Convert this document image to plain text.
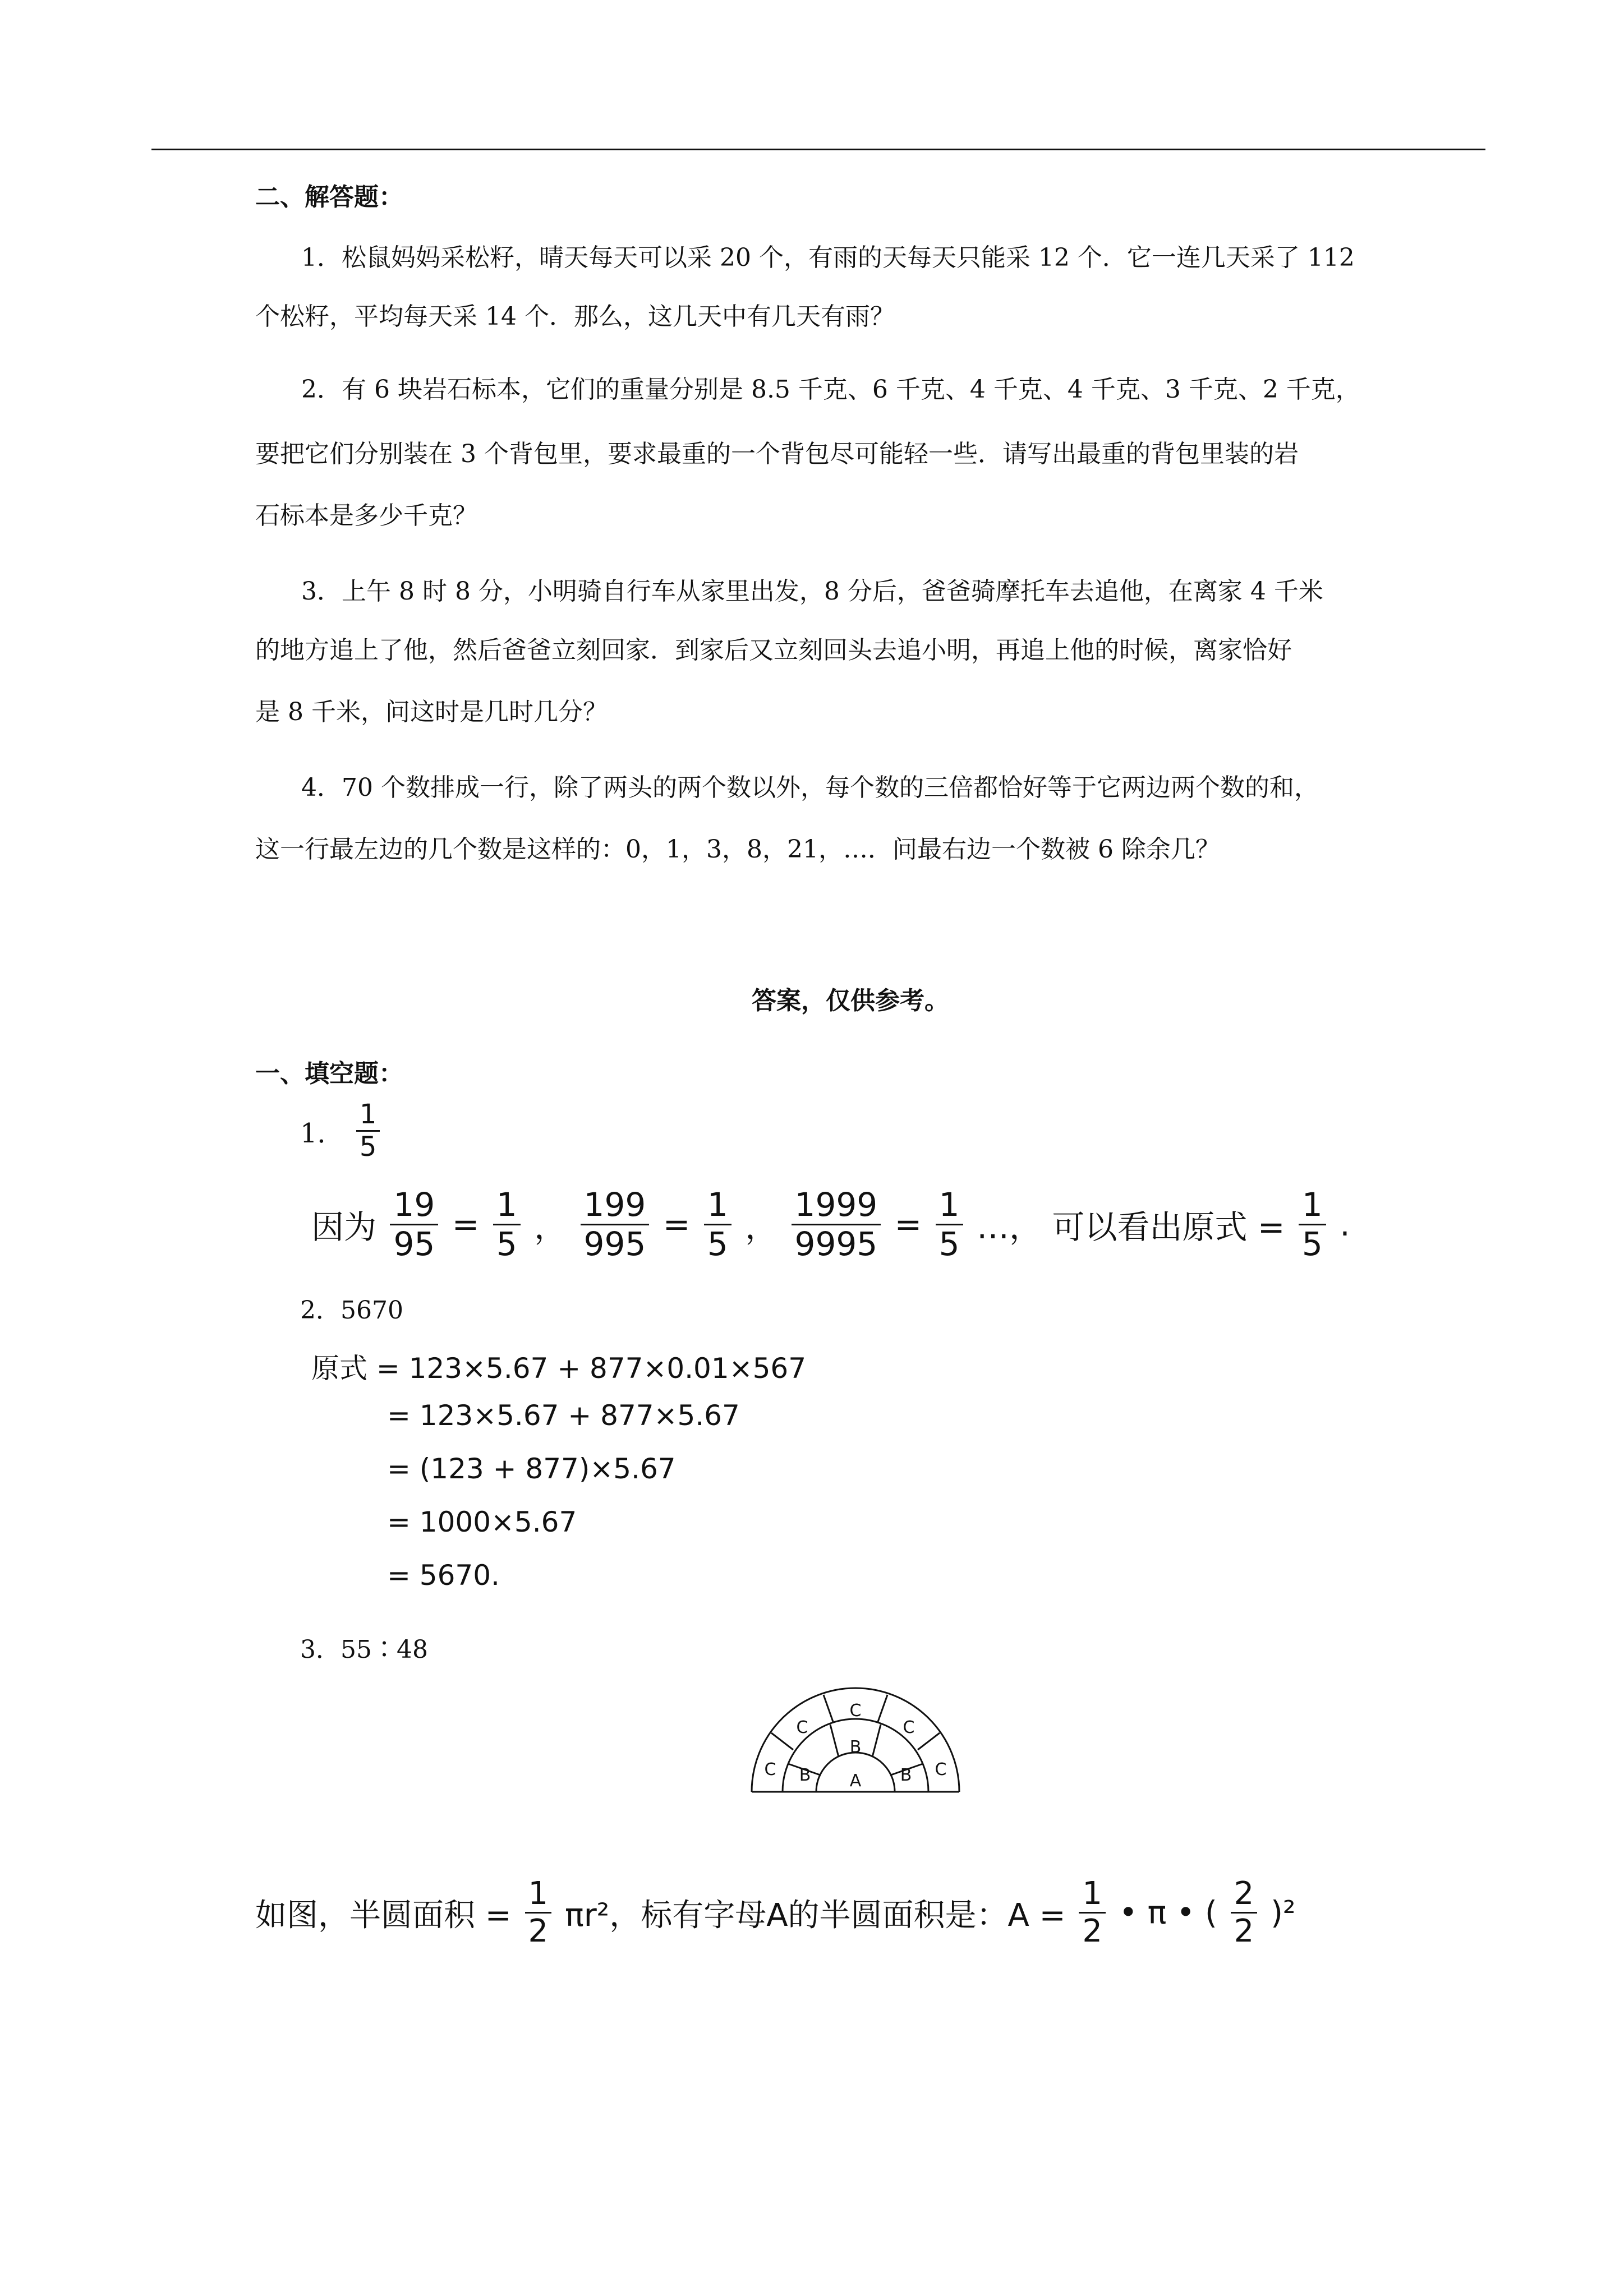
二、解答题：
1．松鼠妈妈采松籽，晴天每天可以采 20 个，有雨的天每天只能采 12 个．它一连几天采了 112
个松籽，平均每天采 14 个．那么，这几天中有几天有雨？
2．有 6 块岩石标本，它们的重量分别是 8.5 千克、6 千克、4 千克、4 千克、3 千克、2 千克，
要把它们分别装在 3 个背包里，要求最重的一个背包尽可能轻一些．请写出最重的背包里装的岩
石标本是多少千克？
3．上午 8 时 8 分，小明骑自行车从家里出发，8 分后，爸爸骑摩托车去追他，在离家 4 千米
的地方追上了他，然后爸爸立刻回家．到家后又立刻回头去追小明，再追上他的时候，离家恰好
是 8 千米，问这时是几时几分？
4．70 个数排成一行，除了两头的两个数以外，每个数的三倍都恰好等于它两边两个数的和，
这一行最左边的几个数是这样的：0，1，3，8，21，…．问最右边一个数被 6 除余几？
答案，仅供参考。
一、填空题：
1． $\frac{1}{5}$
因为 $\frac{19}{95} = \frac{1}{5}$ ， $\frac{199}{995} = \frac{1}{5}$ ， $\frac{1999}{9995} = \frac{1}{5}$ …， 可以看出原式 = $\frac{1}{5}$ .
2．5670
原式 = 123×5.67 + 877×0.01×567
= 123×5.67 + 877×5.67
= (123 + 877)×5.67
= 1000×5.67
= 5670.
3．55∶48
C
C
C
C
C
B
B
B
A
如图，半圆面积 = $\frac{1}{2} \pi r^2$，标有字母A的半圆面积是：$A = \frac{1}{2}$ • π • ( $\frac{2}{2} )^2$
